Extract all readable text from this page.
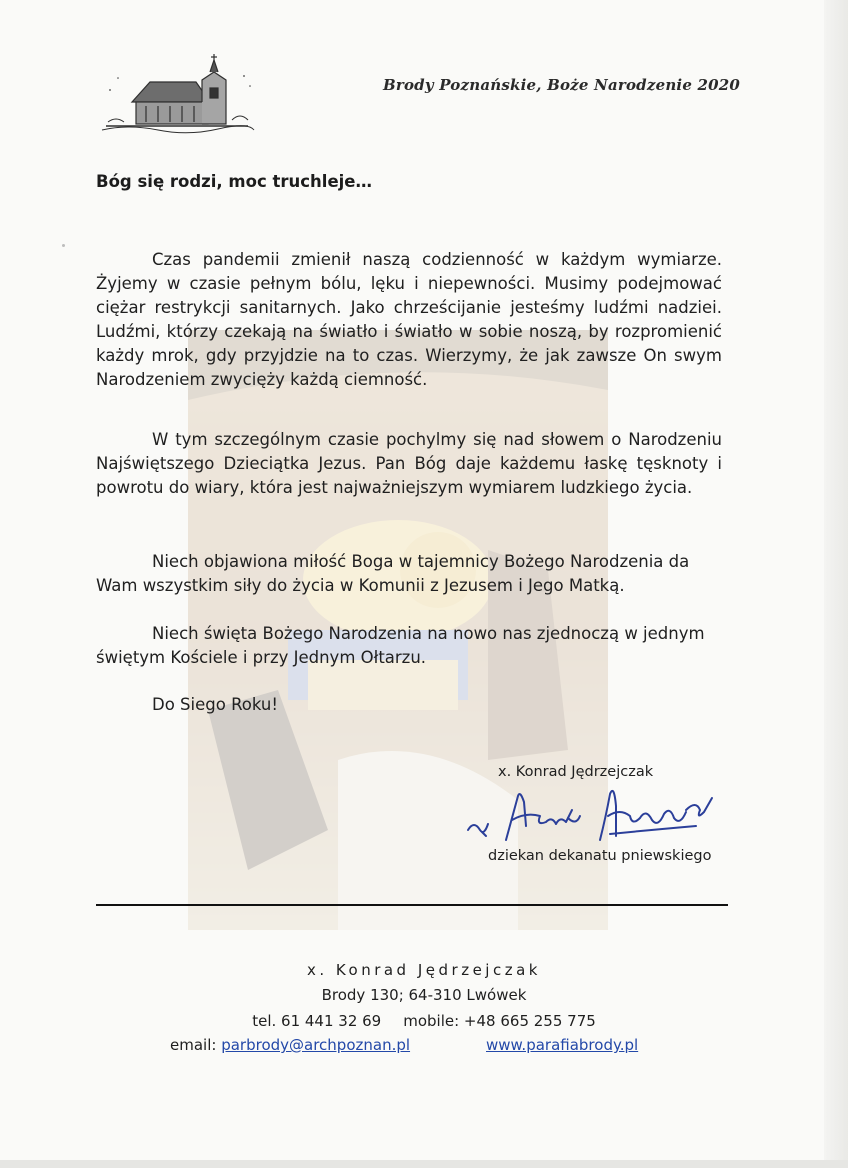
Brody Poznańskie, Boże Narodzenie 2020
Bóg się rodzi, moc truchleje…
Czas pandemii zmienił naszą codzienność w każdym wymiarze. Żyjemy w czasie pełnym bólu, lęku i niepewności. Musimy podejmować ciężar restrykcji sanitarnych. Jako chrześcijanie jesteśmy ludźmi nadziei. Ludźmi, którzy czekają na światło i światło w sobie noszą, by rozpromienić każdy mrok, gdy przyjdzie na to czas. Wierzymy, że jak zawsze On swym Narodzeniem zwycięży każdą ciemność.
W tym szczególnym czasie pochylmy się nad słowem o Narodzeniu Najświętszego Dzieciątka Jezus. Pan Bóg daje każdemu łaskę tęsknoty i powrotu do wiary, która jest najważniejszym wymiarem ludzkiego życia.
Niech objawiona miłość Boga w tajemnicy Bożego Narodzenia da Wam wszystkim siły do życia w Komunii z Jezusem i Jego Matką.
Niech święta Bożego Narodzenia na nowo nas zjednoczą w jednym świętym Kościele i przy Jednym Ołtarzu.
Do Siego Roku!
x. Konrad Jędrzejczak
dziekan dekanatu pniewskiego
x. Konrad Jędrzejczak
Brody 130; 64-310 Lwówek
tel. 61 441 32 69 mobile: +48 665 255 775
email: parbrody@archpoznan.pl	www.parafiabrody.pl
